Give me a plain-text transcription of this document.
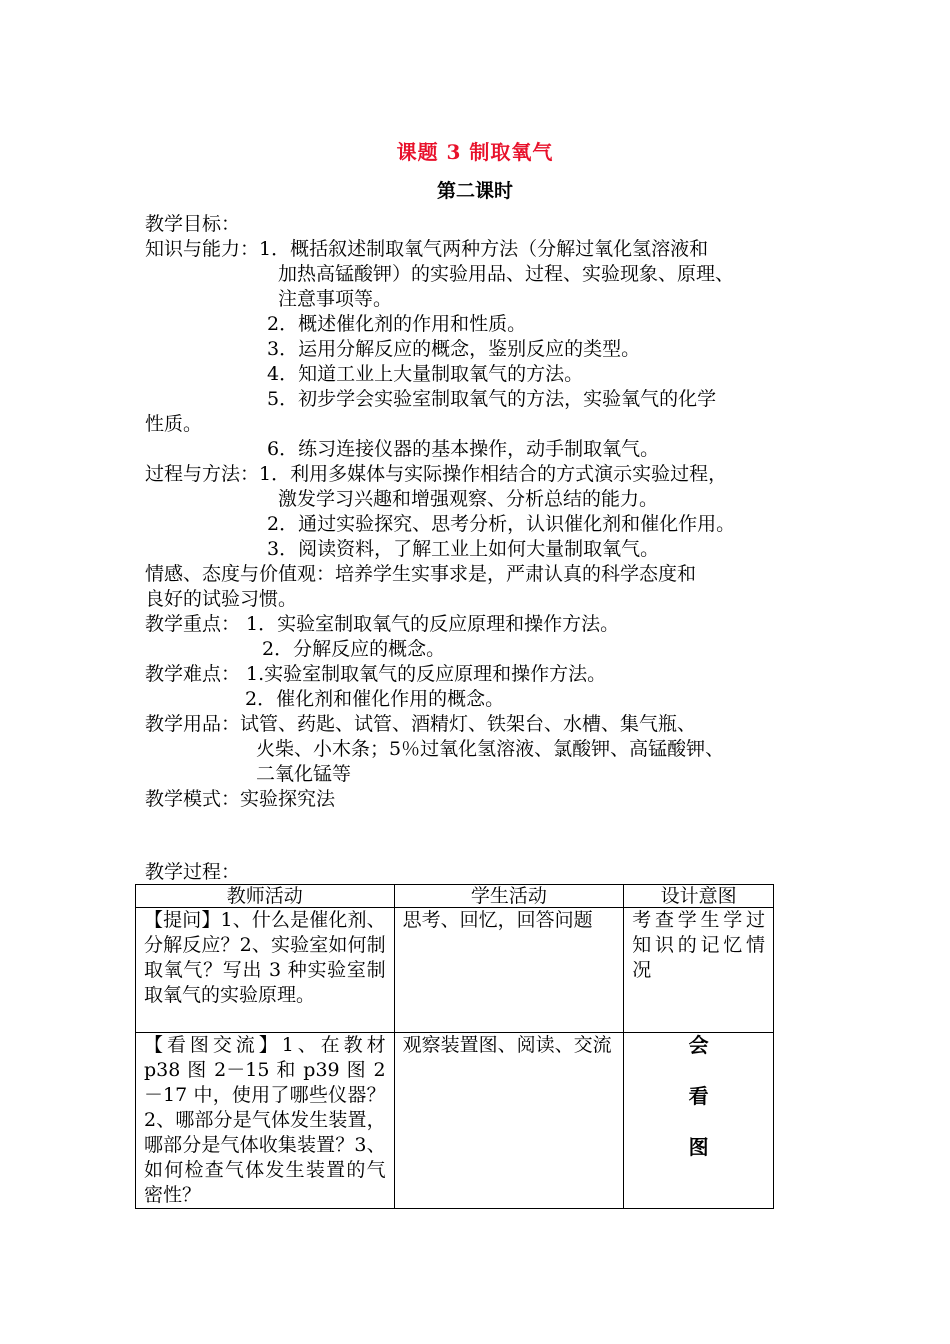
课题 3 制取氧气
第二课时
教学目标：
知识与能力：1．概括叙述制取氧气两种方法（分解过氧化氢溶液和
加热高锰酸钾）的实验用品、过程、实验现象、原理、
注意事项等。
2．概述催化剂的作用和性质。
3．运用分解反应的概念，鉴别反应的类型。
4．知道工业上大量制取氧气的方法。
5．初步学会实验室制取氧气的方法，实验氧气的化学
性质。
6．练习连接仪器的基本操作，动手制取氧气。
过程与方法：1．利用多媒体与实际操作相结合的方式演示实验过程，
激发学习兴趣和增强观察、分析总结的能力。
2．通过实验探究、思考分析，认识催化剂和催化作用。
3．阅读资料，了解工业上如何大量制取氧气。
情感、态度与价值观：培养学生实事求是，严肃认真的科学态度和
良好的试验习惯。
教学重点： 1．实验室制取氧气的反应原理和操作方法。
2．分解反应的概念。
教学难点： 1.实验室制取氧气的反应原理和操作方法。
2．催化剂和催化作用的概念。
教学用品：试管、药匙、试管、酒精灯、铁架台、水槽、集气瓶、
火柴、小木条；5％过氧化氢溶液、氯酸钾、高锰酸钾、
二氧化锰等
教学模式：实验探究法
教学过程：
教师活动	学生活动	设计意图
【提问】1、什么是催化剂、分解反应？2、实验室如何制取氧气？写出 3 种实验室制取氧气的实验原理。	思考、回忆，回答问题	考查学生学过知识的记忆情况
【看图交流】1、在教材 p38 图 2－15 和 p39 图 2－17 中，使用了哪些仪器？2、哪部分是气体发生装置，哪部分是气体收集装置？3、如何检查气体发生装置的气密性？	观察装置图、阅读、交流	会
看
图
